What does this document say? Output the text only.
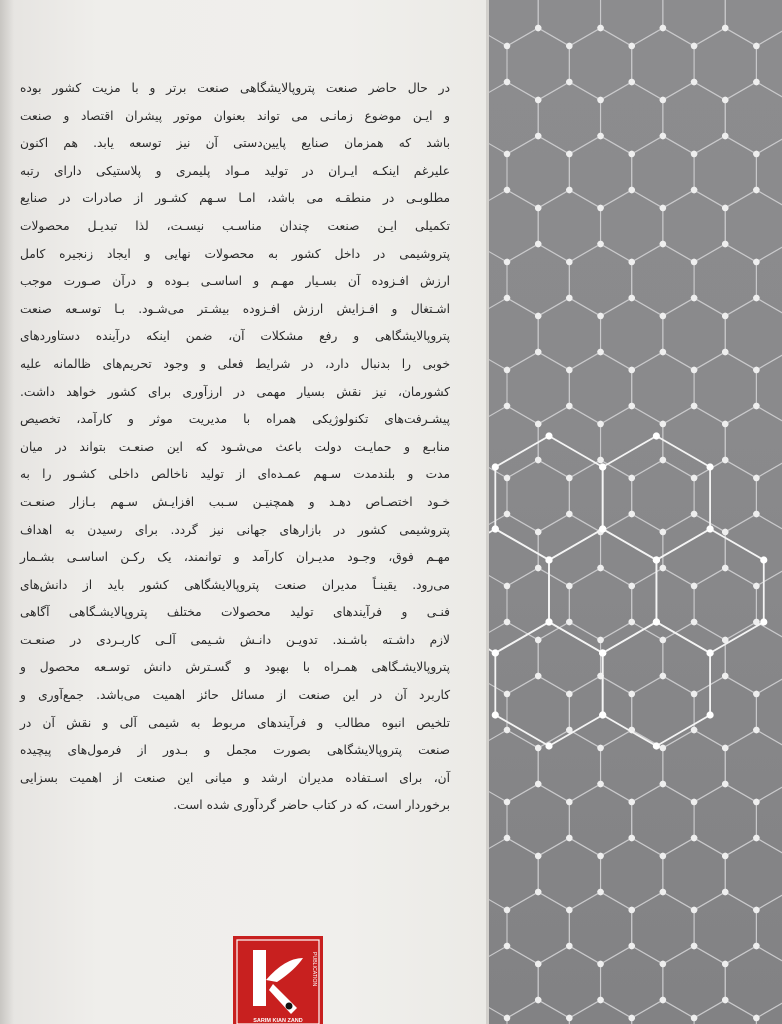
در حال حاضر صنعت پتروپالایشگاهی صنعت برتر و با مزیت کشور بوده
و ایـن موضوع زمانـی می تواند بعنوان موتور پیشران اقتصاد و صنعت
باشد که همزمان صنایع پایین‌دستی آن نیز توسعه یابد. هم اکنون
علیرغم اینکـه ایـران در تولید مـواد پلیمری و پلاستیکی دارای رتبه
مطلوبـی در منطقـه می باشد، امـا سـهم کشـور از صادرات در صنایع
تکمیلی ایـن صنعت چندان مناسـب نیسـت، لذا تبدیـل محصولات
پتروشیمی در داخل کشور به محصولات نهایی و ایجاد زنجیره کامل
ارزش افـزوده آن بسـیار مهـم و اساسـی بـوده و درآن صـورت موجب
اشـتغال و افـزایش ارزش افـزوده بیشـتر می‌شـود. بـا توسـعه صنعت
پتروپالایشگاهی و رفع مشکلات آن، ضمن اینکه درآینده دستاوردهای
خوبی را بدنبال دارد، در شرایط فعلی و وجود تحریم‌های ظالمانه علیه
کشورمان، نیز نقش بسیار مهمی در ارزآوری برای کشور خواهد داشت.
پیشـرفت‌های تکنولوژیکی همراه با مدیریت موثر و کارآمد، تخصیص
منابـع و حمایـت دولت باعث می‌شـود که این صنعـت بتواند در میان
مدت و بلندمدت سـهم عمـده‌ای از تولید ناخالص داخلی کشـور را به
خـود اختصـاص دهـد و همچنیـن سـبب افزایـش سـهم بـازار صنعـت
پتروشیمی کشور در بازارهای جهانی نیز گردد. برای رسیدن به اهداف
مهـم فوق، وجـود مدیـران کارآمد و توانمند، یک رکـن اساسـی بشـمار
می‌رود. یقینـاً مدیران صنعت پتروپالایشگاهی کشور باید از دانش‌های
فنـی و فرآیندهای تولید محصولات مختلف پتروپالایشـگاهی آگاهی
لازم داشـته باشـند. تدویـن دانـش شـیمی آلـی کاربـردی در صنعـت
پتروپالایشـگاهی همـراه با بهبود و گسـترش دانش توسـعه محصول و
کاربرد آن در این صنعت از مسائل حائز اهمیت می‌باشد. جمع‌آوری و
تلخیص انبوه مطالب و فرآیندهای مربوط به شیمی آلی و نقش آن در
صنعت پتروپالایشگاهی بصورت مجمل و بـدور از فرمول‌های پیچیده
آن، برای اسـتفاده مدیران ارشد و میانی این صنعت از اهمیت بسزایی
برخوردار است، که در کتاب حاضر گردآوری شده است.
PUBLICATION
SARIM KIAN ZAND
